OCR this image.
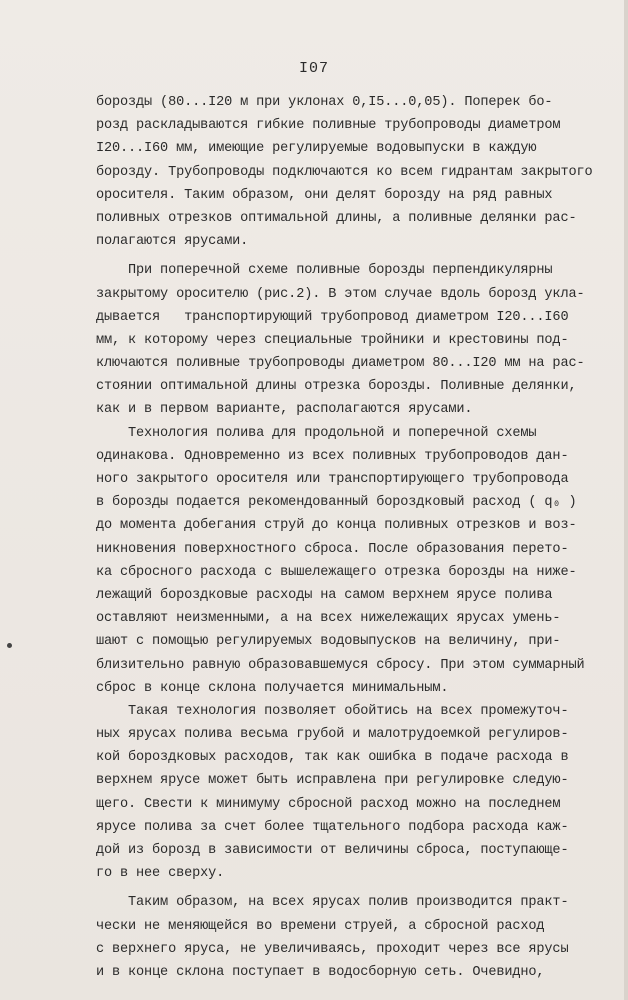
I07
борозды (80...I20 м при уклонах 0,I5...0,05). Поперек бо-
розд раскладываются гибкие поливные трубопроводы диаметром
I20...I60 мм, имеющие регулируемые водовыпуски в каждую
борозду. Трубопроводы подключаются ко всем гидрантам закрытого
оросителя. Таким образом, они делят борозду на ряд равных
поливных отрезков оптимальной длины, а поливные делянки рас-
полагаются ярусами.
При поперечной схеме поливные борозды перпендикулярны
закрытому оросителю (рис.2). В этом случае вдоль борозд укла-
дывается   транспортирующий трубопровод диаметром I20...I60
мм, к которому через специальные тройники и крестовины под-
ключаются поливные трубопроводы диаметром 80...I20 мм на рас-
стоянии оптимальной длины отрезка борозды. Поливные делянки,
как и в первом варианте, располагаются ярусами.
Технология полива для продольной и поперечной схемы
одинакова. Одновременно из всех поливных трубопроводов дан-
ного закрытого оросителя или транспортирующего трубопровода
в борозды подается рекомендованный бороздковый расход ( q₀ )
до момента добегания струй до конца поливных отрезков и воз-
никновения поверхностного сброса. После образования перето-
ка сбросного расхода с вышележащего отрезка борозды на ниже-
лежащий бороздковые расходы на самом верхнем ярусе полива
оставляют неизменными, а на всех нижележащих ярусах умень-
шают с помощью регулируемых водовыпусков на величину, при-
близительно равную образовавшемуся сбросу. При этом суммарный
сброс в конце склона получается минимальным.
Такая технология позволяет обойтись на всех промежуточ-
ных ярусах полива весьма грубой и малотрудоемкой регулиров-
кой бороздковых расходов, так как ошибка в подаче расхода в
верхнем ярусе может быть исправлена при регулировке следую-
щего. Свести к минимуму сбросной расход можно на последнем
ярусе полива за счет более тщательного подбора расхода каж-
дой из борозд в зависимости от величины сброса, поступающе-
го в нее сверху.
Таким образом, на всех ярусах полив производится практ-
чески не меняющейся во времени струей, а сбросной расход
с верхнего яруса, не увеличиваясь, проходит через все ярусы
и в конце склона поступает в водосборную сеть. Очевидно,
